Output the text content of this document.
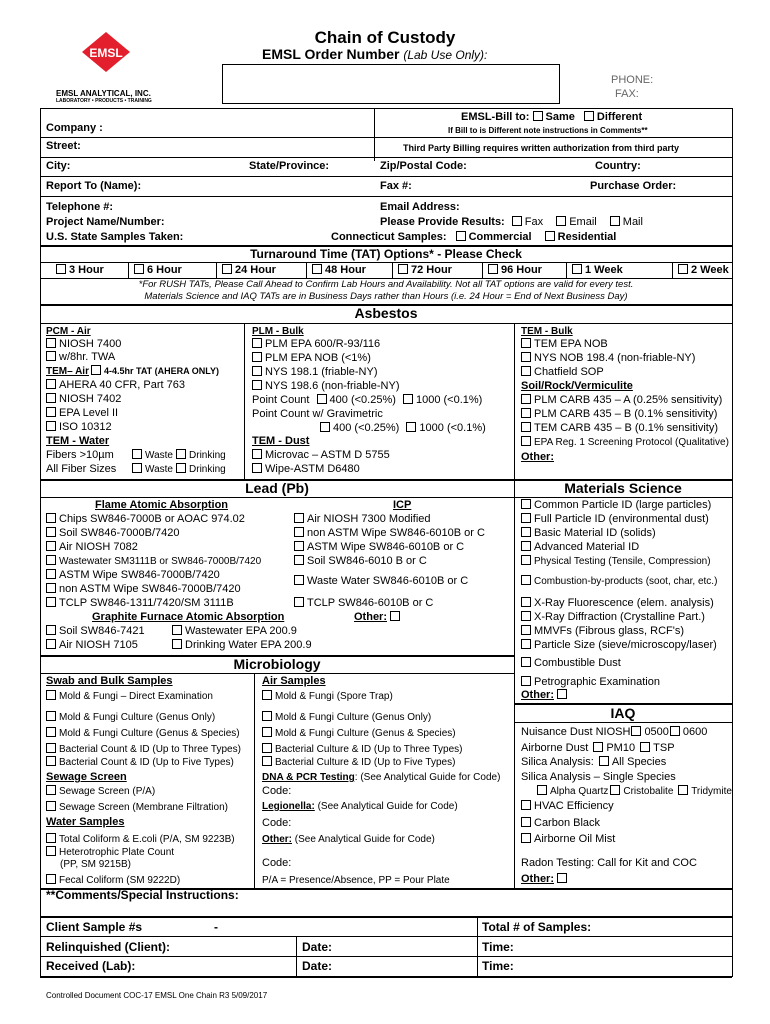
EMSL
EMSL ANALYTICAL, INC.
LABORATORY • PRODUCTS • TRAINING
Chain of Custody
EMSL Order Number (Lab Use Only):
PHONE:
FAX:
EMSL-Bill to: Same Different
If Bill to is Different note instructions in Comments**
Company :
Street:	Third Party Billing requires written authorization from third party
City:	State/Province:	Zip/Postal Code:	Country:
Report To (Name):	Fax #:	Purchase Order:
Telephone #:	Email Address:
Project Name/Number:	Please Provide Results: Fax Email Mail
U.S. State Samples Taken:	Connecticut Samples: Commercial Residential
Turnaround Time (TAT) Options* - Please Check
3 Hour	6 Hour	24 Hour	48 Hour	72 Hour	96 Hour	1 Week	2 Week
*For RUSH TATs, Please Call Ahead to Confirm Lab Hours and Availability. Not all TAT options are valid for every test.
Materials Science and IAQ TATs are in Business Days rather than Hours (i.e. 24 Hour = End of Next Business Day)
Asbestos
PCM - Air
NIOSH 7400
w/8hr. TWA
TEM– Air 4-4.5hr TAT (AHERA ONLY)
AHERA 40 CFR, Part 763
NIOSH 7402
EPA Level II
ISO 10312
TEM - Water
Fibers >10µm	Waste Drinking
All Fiber Sizes	Waste Drinking
PLM - Bulk
PLM EPA 600/R-93/116
PLM EPA NOB (<1%)
NYS 198.1 (friable-NY)
NYS 198.6 (non-friable-NY)
Point Count 400 (<0.25%) 1000 (<0.1%)
Point Count w/ Gravimetric
400 (<0.25%) 1000 (<0.1%)
TEM - Dust
Microvac – ASTM D 5755
Wipe-ASTM D6480
TEM - Bulk
TEM EPA NOB
NYS NOB 198.4 (non-friable-NY)
Chatfield SOP
Soil/Rock/Vermiculite
PLM CARB 435 – A (0.25% sensitivity)
PLM CARB 435 – B (0.1% sensitivity)
TEM CARB 435 – B (0.1% sensitivity)
EPA Reg. 1 Screening Protocol (Qualitative)
Other:
Lead (Pb)	Materials Science
Flame Atomic Absorption
Chips SW846-7000B or AOAC 974.02
Soil SW846-7000B/7420
Air NIOSH 7082
Wastewater SM3111B or SW846-7000B/7420
ASTM Wipe SW846-7000B/7420
non ASTM Wipe SW846-7000B/7420
TCLP SW846-1311/7420/SM 3111B
ICP
Air NIOSH 7300 Modified
non ASTM Wipe SW846-6010B or C
ASTM Wipe SW846-6010B or C
Soil SW846-6010 B or C
Waste Water SW846-6010B or C
TCLP SW846-6010B or C
Graphite Furnace Atomic Absorption	Other:
Soil SW846-7421	Wastewater EPA 200.9
Air NIOSH 7105	Drinking Water EPA 200.9
Common Particle ID (large particles)
Full Particle ID (environmental dust)
Basic Material ID (solids)
Advanced Material ID
Physical Testing (Tensile, Compression)
Combustion-by-products (soot, char, etc.)
X-Ray Fluorescence (elem. analysis)
X-Ray Diffraction (Crystalline Part.)
MMVFs (Fibrous glass, RCF's)
Particle Size (sieve/microscopy/laser)
Combustible Dust
Petrographic Examination
Other:
Microbiology
Swab and Bulk Samples
Mold & Fungi – Direct Examination
Mold & Fungi Culture (Genus Only)
Mold & Fungi Culture (Genus & Species)
Bacterial Count & ID (Up to Three Types)
Bacterial Count & ID (Up to Five Types)
Sewage Screen
Sewage Screen (P/A)
Sewage Screen (Membrane Filtration)
Water Samples
Total Coliform & E.coli (P/A, SM 9223B)
Heterotrophic Plate Count
(PP, SM 9215B)
Fecal Coliform (SM 9222D)
Air Samples
Mold & Fungi (Spore Trap)
Mold & Fungi Culture (Genus Only)
Mold & Fungi Culture (Genus & Species)
Bacterial Culture & ID (Up to Three Types)
Bacterial Culture & ID (Up to Five Types)
DNA & PCR Testing: (See Analytical Guide for Code)
Code:
Legionella: (See Analytical Guide for Code)
Code:
Other: (See Analytical Guide for Code)
Code:
P/A = Presence/Absence, PP = Pour Plate
IAQ
Nuisance Dust NIOSH 0500 0600
Airborne Dust PM10 TSP
Silica Analysis: All Species
Silica Analysis – Single Species
Alpha Quartz Cristobalite Tridymite
HVAC Efficiency
Carbon Black
Airborne Oil Mist
Radon Testing: Call for Kit and COC
Other:
**Comments/Special Instructions:
Client Sample #s	-	Total # of Samples:
Relinquished (Client):	Date:	Time:
Received (Lab):	Date:	Time:
Controlled Document COC-17 EMSL One Chain R3 5/09/2017
